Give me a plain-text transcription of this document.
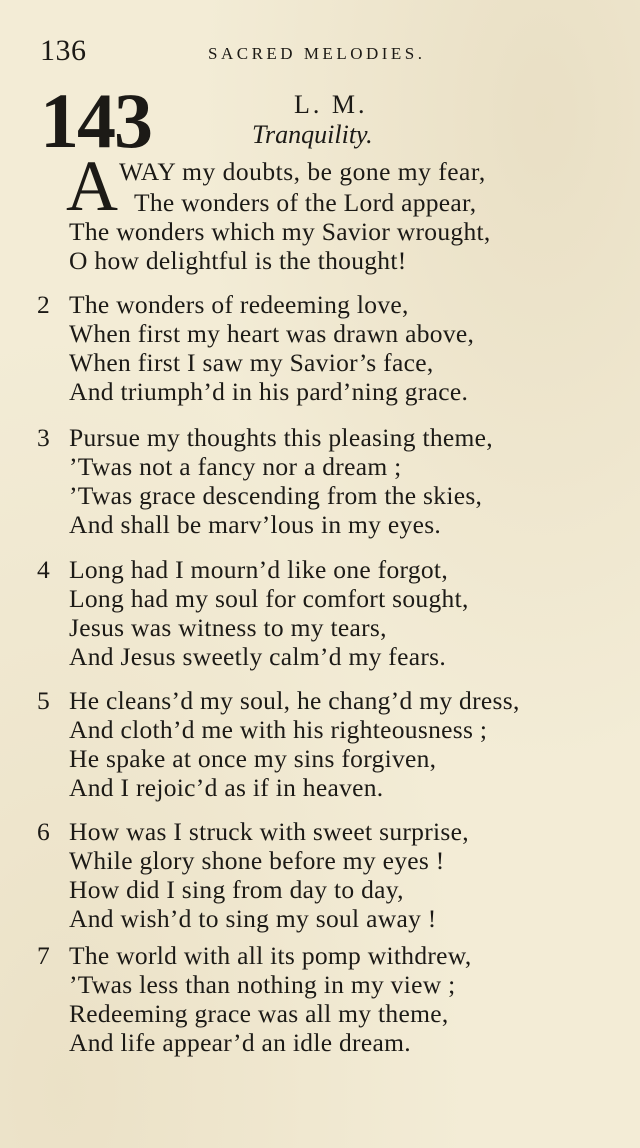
136	SACRED MELODIES.
143	L. M.
Tranquility.
A WAY my doubts, be gone my fear,
The wonders of the Lord appear,
The wonders which my Savior wrought,
O how delightful is the thought!
2 The wonders of redeeming love,
When first my heart was drawn above,
When first I saw my Savior’s face,
And triumph’d in his pard’ning grace.
3 Pursue my thoughts this pleasing theme,
’Twas not a fancy nor a dream ;
’Twas grace descending from the skies,
And shall be marv’lous in my eyes.
4 Long had I mourn’d like one forgot,
Long had my soul for comfort sought,
Jesus was witness to my tears,
And Jesus sweetly calm’d my fears.
5 He cleans’d my soul, he chang’d my dress,
And cloth’d me with his righteousness ;
He spake at once my sins forgiven,
And I rejoic’d as if in heaven.
6 How was I struck with sweet surprise,
While glory shone before my eyes !
How did I sing from day to day,
And wish’d to sing my soul away !
7 The world with all its pomp withdrew,
’Twas less than nothing in my view ;
Redeeming grace was all my theme,
And life appear’d an idle dream.
